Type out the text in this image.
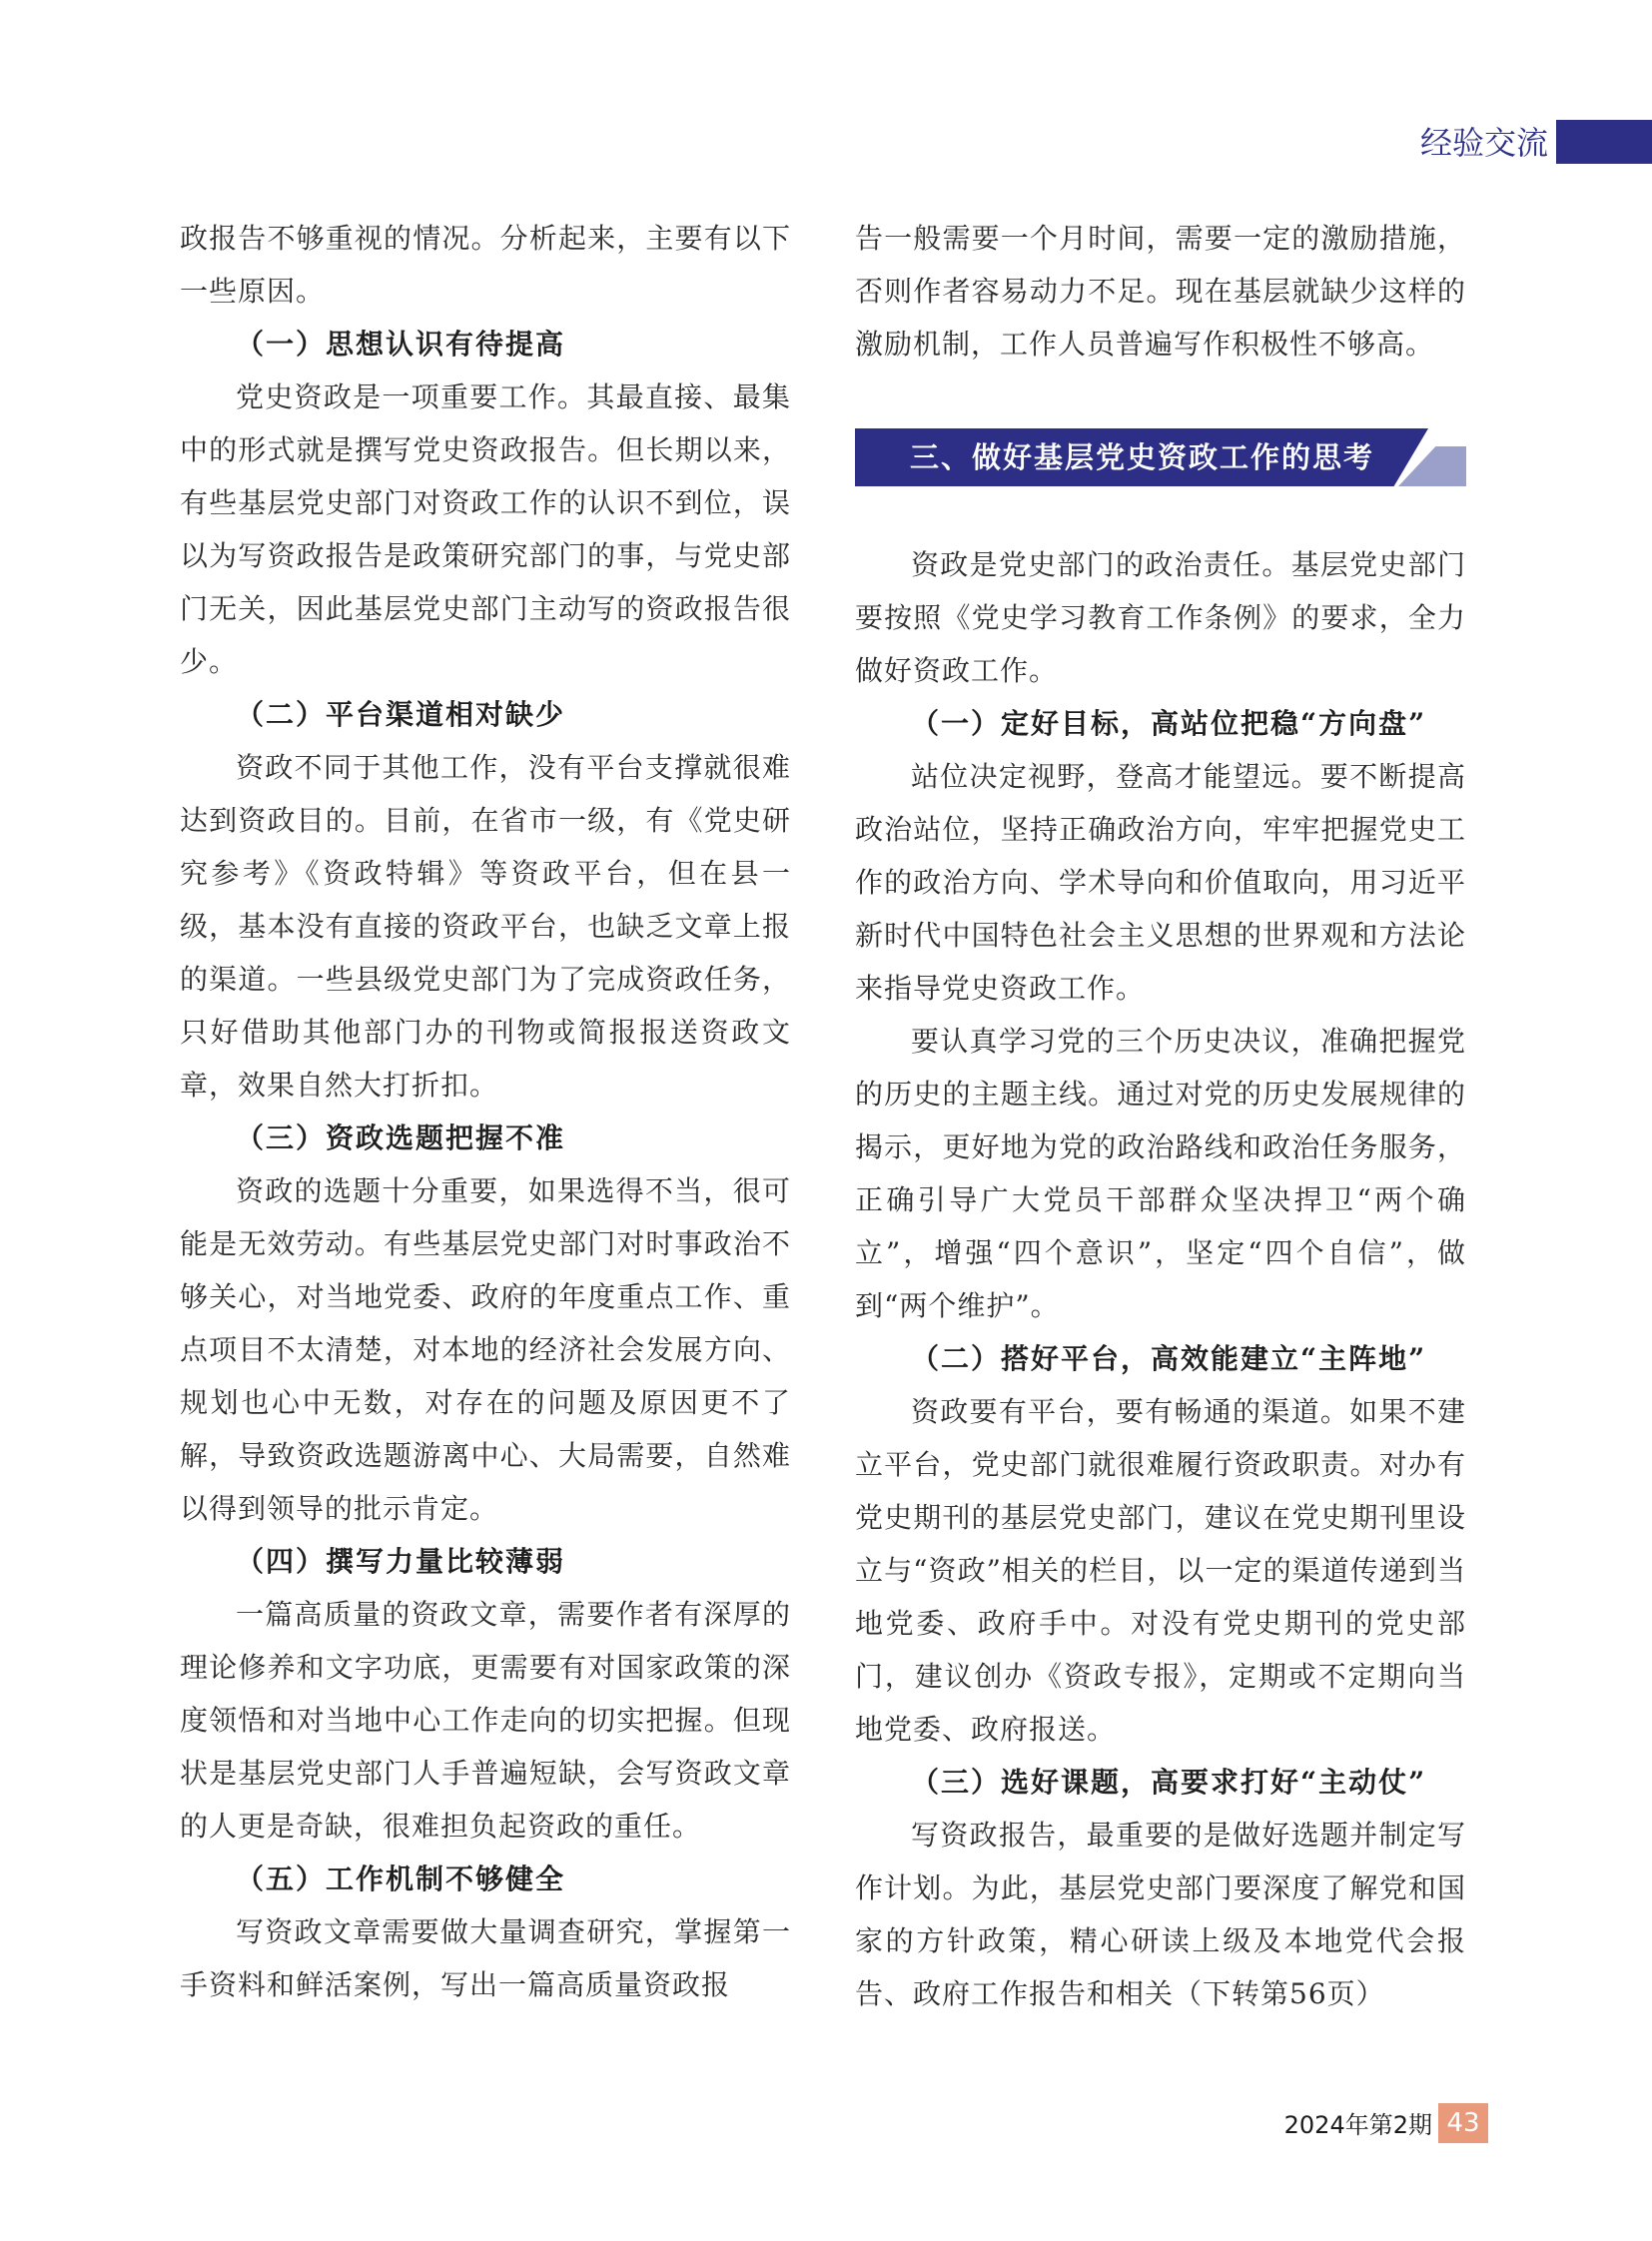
经验交流

政报告不够重视的情况。分析起来，主要有以下一些原因。

（一）思想认识有待提高

党史资政是一项重要工作。其最直接、最集中的形式就是撰写党史资政报告。但长期以来，有些基层党史部门对资政工作的认识不到位，误以为写资政报告是政策研究部门的事，与党史部门无关，因此基层党史部门主动写的资政报告很少。

（二）平台渠道相对缺少

资政不同于其他工作，没有平台支撑就很难达到资政目的。目前，在省市一级，有《党史研究参考》《资政特辑》等资政平台，但在县一级，基本没有直接的资政平台，也缺乏文章上报的渠道。一些县级党史部门为了完成资政任务，只好借助其他部门办的刊物或简报报送资政文章，效果自然大打折扣。

（三）资政选题把握不准

资政的选题十分重要，如果选得不当，很可能是无效劳动。有些基层党史部门对时事政治不够关心，对当地党委、政府的年度重点工作、重点项目不太清楚，对本地的经济社会发展方向、规划也心中无数，对存在的问题及原因更不了解，导致资政选题游离中心、大局需要，自然难以得到领导的批示肯定。

（四）撰写力量比较薄弱

一篇高质量的资政文章，需要作者有深厚的理论修养和文字功底，更需要有对国家政策的深度领悟和对当地中心工作走向的切实把握。但现状是基层党史部门人手普遍短缺，会写资政文章的人更是奇缺，很难担负起资政的重任。

（五）工作机制不够健全

写资政文章需要做大量调查研究，掌握第一手资料和鲜活案例，写出一篇高质量资政报

告一般需要一个月时间，需要一定的激励措施，否则作者容易动力不足。现在基层就缺少这样的激励机制，工作人员普遍写作积极性不够高。

三、做好基层党史资政工作的思考

资政是党史部门的政治责任。基层党史部门要按照《党史学习教育工作条例》的要求，全力做好资政工作。

（一）定好目标，高站位把稳“方向盘”

站位决定视野，登高才能望远。要不断提高政治站位，坚持正确政治方向，牢牢把握党史工作的政治方向、学术导向和价值取向，用习近平新时代中国特色社会主义思想的世界观和方法论来指导党史资政工作。

要认真学习党的三个历史决议，准确把握党的历史的主题主线。通过对党的历史发展规律的揭示，更好地为党的政治路线和政治任务服务，正确引导广大党员干部群众坚决捍卫“两个确立”，增强“四个意识”，坚定“四个自信”，做到“两个维护”。

（二）搭好平台，高效能建立“主阵地”

资政要有平台，要有畅通的渠道。如果不建立平台，党史部门就很难履行资政职责。对办有党史期刊的基层党史部门，建议在党史期刊里设立与“资政”相关的栏目，以一定的渠道传递到当地党委、政府手中。对没有党史期刊的党史部门，建议创办《资政专报》，定期或不定期向当地党委、政府报送。

（三）选好课题，高要求打好“主动仗”

写资政报告，最重要的是做好选题并制定写作计划。为此，基层党史部门要深度了解党和国家的方针政策，精心研读上级及本地党代会报告、政府工作报告和相关（下转第56页）

2024年第2期 43
